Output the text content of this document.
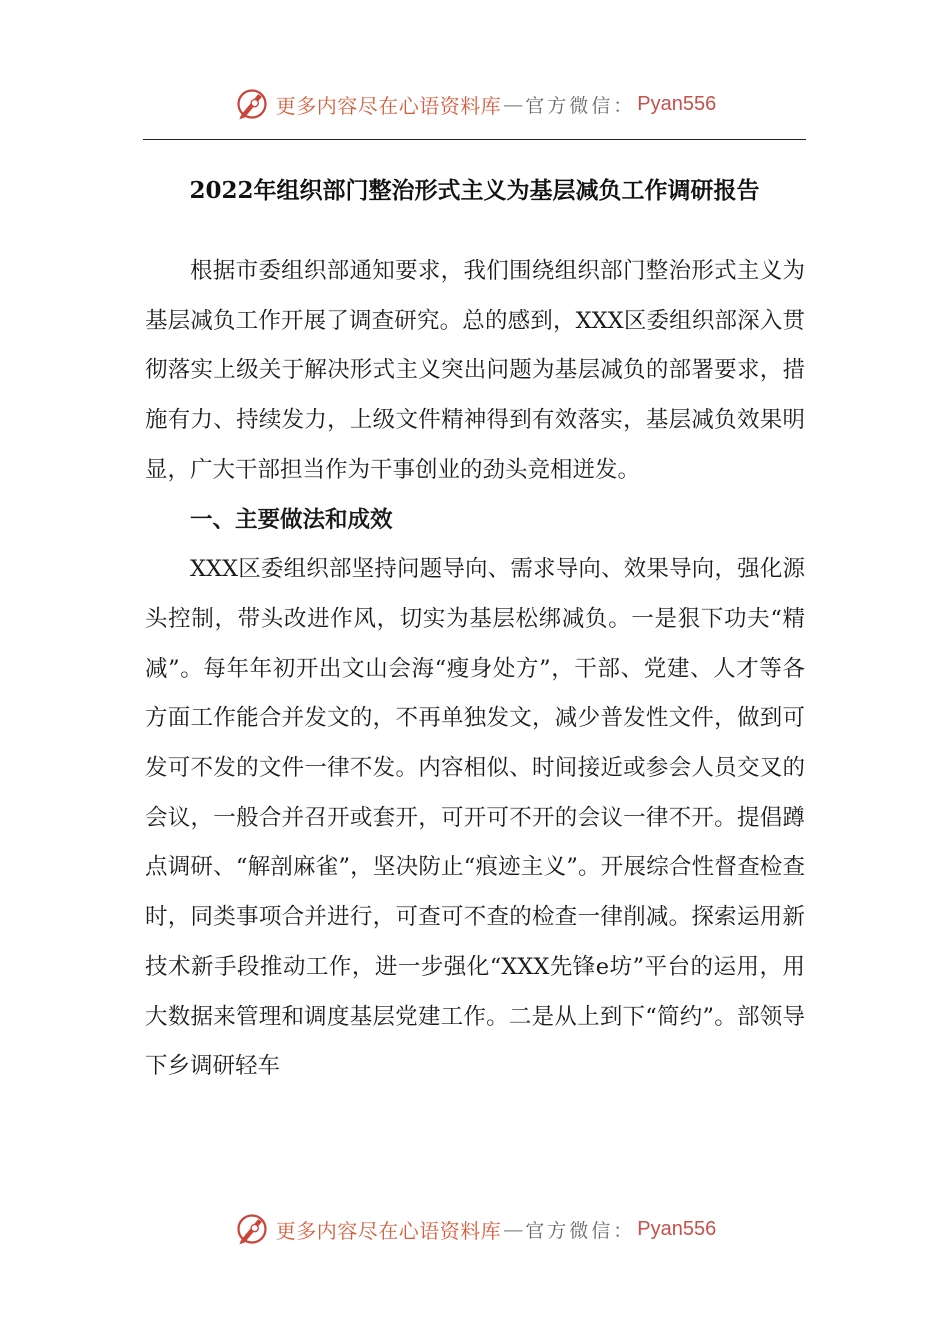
更多内容尽在心语资料库 — 官方微信： Pyan556
2022年组织部门整治形式主义为基层减负工作调研报告

根据市委组织部通知要求，我们围绕组织部门整治形式主义为基层减负工作开展了调查研究。总的感到，XXX区委组织部深入贯彻落实上级关于解决形式主义突出问题为基层减负的部署要求，措施有力、持续发力，上级文件精神得到有效落实，基层减负效果明显，广大干部担当作为干事创业的劲头竞相迸发。

一、主要做法和成效

XXX区委组织部坚持问题导向、需求导向、效果导向，强化源头控制，带头改进作风，切实为基层松绑减负。一是狠下功夫“精减”。每年年初开出文山会海“瘦身处方”，干部、党建、人才等各方面工作能合并发文的，不再单独发文，减少普发性文件，做到可发可不发的文件一律不发。内容相似、时间接近或参会人员交叉的会议，一般合并召开或套开，可开可不开的会议一律不开。提倡蹲点调研、“解剖麻雀”，坚决防止“痕迹主义”。开展综合性督查检查时，同类事项合并进行，可查可不查的检查一律削减。探索运用新技术新手段推动工作，进一步强化“XXX先锋e坊”平台的运用，用大数据来管理和调度基层党建工作。二是从上到下“简约”。部领导下乡调研轻车

更多内容尽在心语资料库 — 官方微信： Pyan556
